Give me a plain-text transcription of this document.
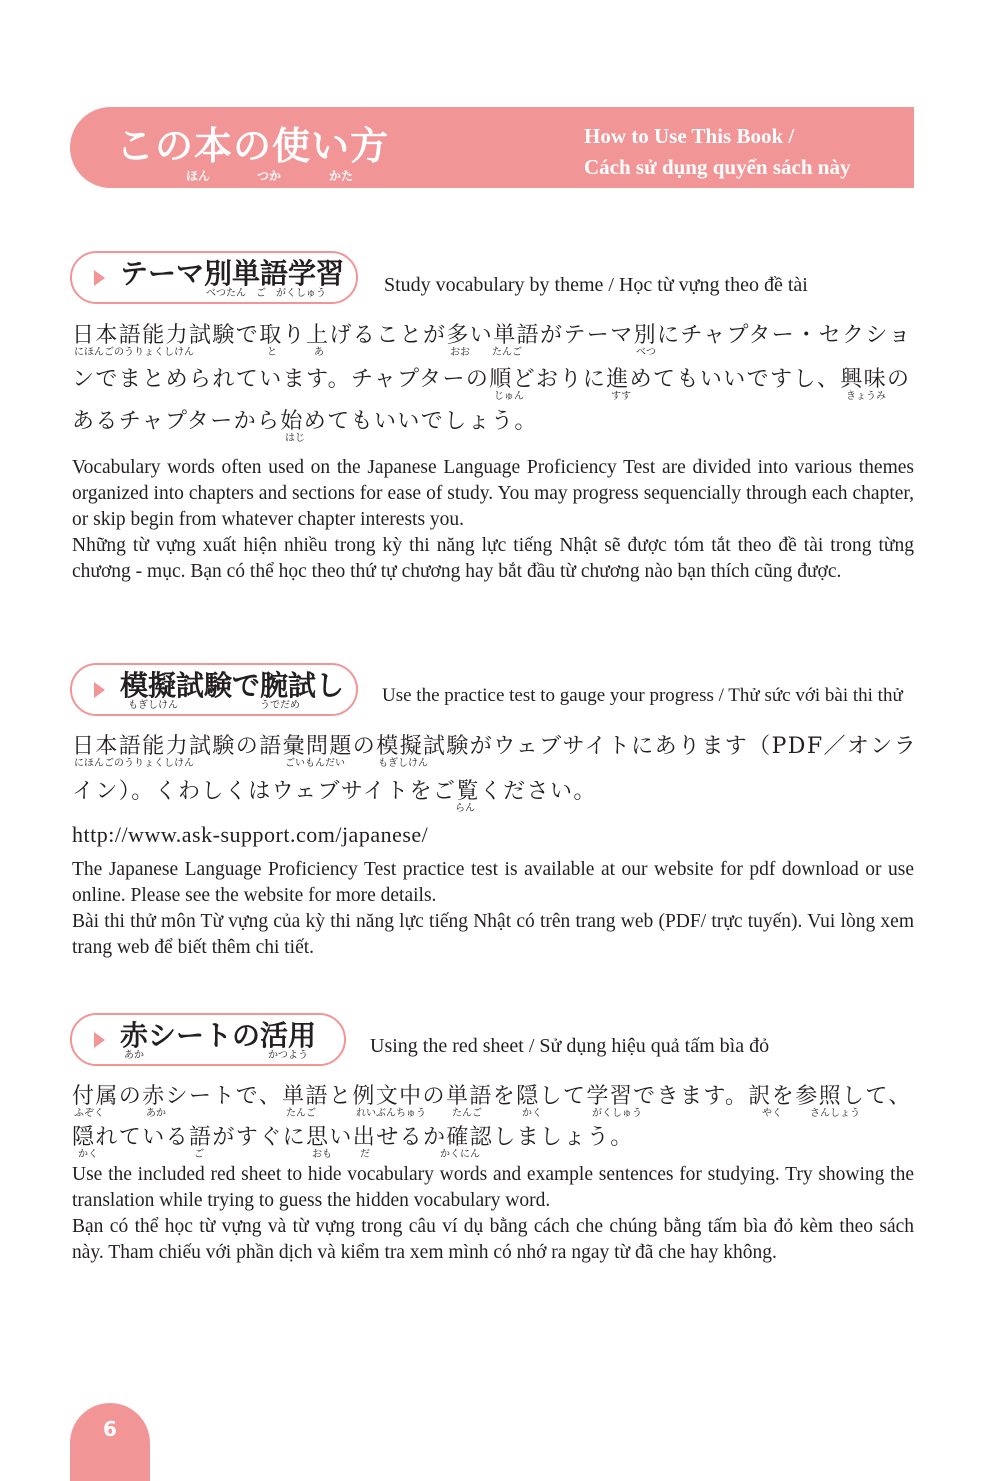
この本の使い方
ほん	つか	かた
How to Use This Book /
Cách sử dụng quyển sách này
テーマ別単語学習
べつたん　ご　がくしゅう	Study vocabulary by theme / Học từ vựng theo đề tài
日本語能力試験で取り上げることが多い単語がテーマ別にチャプター・セクショ
にほんごのうりょくしけん	と	あ	おお たんご	べつ
ンでまとめられています。チャプターの順どおりに進めてもいいですし、興味の
じゅん	すす	きょうみ
あるチャプターから始めてもいいでしょう。
はじ

Vocabulary words often used on the Japanese Language Proficiency Test are divided into various themes organized into chapters and sections for ease of study. You may progress sequencially through each chapter, or skip begin from whatever chapter interests you.

Những từ vựng xuất hiện nhiều trong kỳ thi năng lực tiếng Nhật sẽ được tóm tắt theo đề tài trong từng chương - mục. Bạn có thể học theo thứ tự chương hay bắt đầu từ chương nào bạn thích cũng được.

模擬試験で腕試し
もぎしけん	うでだめ	Use the practice test to gauge your progress / Thử sức với bài thi thử
日本語能力試験の語彙問題の模擬試験がウェブサイトにあります（PDF／オンラ
にほんごのうりょくしけん	ごいもんだい	もぎしけん
イン）。くわしくはウェブサイトをご覧ください。
らん
http://www.ask-support.com/japanese/

The Japanese Language Proficiency Test practice test is available at our website for pdf download or use online. Please see the website for more details.

Bài thi thử môn Từ vựng của kỳ thi năng lực tiếng Nhật có trên trang web (PDF/ trực tuyến). Vui lòng xem trang web để biết thêm chi tiết.

赤シートの活用
あか	かつよう	Using the red sheet / Sử dụng hiệu quả tấm bìa đỏ
付属の赤シートで、単語と例文中の単語を隠して学習できます。訳を参照して、
ふぞく	あか	たんご	れいぶんちゅう	たんご	かく	がくしゅう	やく	さんしょう
隠れている語がすぐに思い出せるか確認しましょう。
かく	ご	おも	だ	かくにん

Use the included red sheet to hide vocabulary words and example sentences for studying. Try showing the translation while trying to guess the hidden vocabulary word.

Bạn có thể học từ vựng và từ vựng trong câu ví dụ bằng cách che chúng bằng tấm bìa đỏ kèm theo sách này. Tham chiếu với phần dịch và kiểm tra xem mình có nhớ ra ngay từ đã che hay không.

6
